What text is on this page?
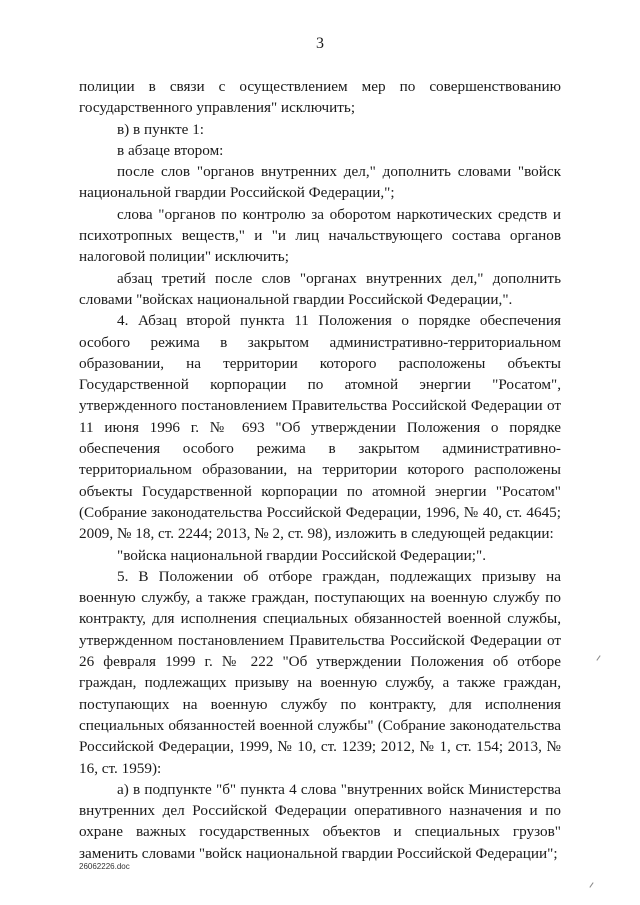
3

полиции в связи с осуществлением мер по совершенствованию государственного управления" исключить;

в) в пункте 1:

в абзаце втором:

после слов "органов внутренних дел," дополнить словами "войск национальной гвардии Российской Федерации,";

слова "органов по контролю за оборотом наркотических средств и психотропных веществ," и "и лиц начальствующего состава органов налоговой полиции" исключить;

абзац третий после слов "органах внутренних дел," дополнить словами "войсках национальной гвардии Российской Федерации,".

4. Абзац второй пункта 11 Положения о порядке обеспечения особого режима в закрытом административно-территориальном образовании, на территории которого расположены объекты Государственной корпорации по атомной энергии "Росатом", утвержденного постановлением Правительства Российской Федерации от 11 июня 1996 г. № 693 "Об утверждении Положения о порядке обеспечения особого режима в закрытом административно-территориальном образовании, на территории которого расположены объекты Государственной корпорации по атомной энергии "Росатом" (Собрание законодательства Российской Федерации, 1996, № 40, ст. 4645; 2009, № 18, ст. 2244; 2013, № 2, ст. 98), изложить в следующей редакции:

"войска национальной гвардии Российской Федерации;".

5. В Положении об отборе граждан, подлежащих призыву на военную службу, а также граждан, поступающих на военную службу по контракту, для исполнения специальных обязанностей военной службы, утвержденном постановлением Правительства Российской Федерации от 26 февраля 1999 г. № 222 "Об утверждении Положения об отборе граждан, подлежащих призыву на военную службу, а также граждан, поступающих на военную службу по контракту, для исполнения специальных обязанностей военной службы" (Собрание законодательства Российской Федерации, 1999, № 10, ст. 1239; 2012, № 1, ст. 154; 2013, № 16, ст. 1959):

а) в подпункте "б" пункта 4 слова "внутренних войск Министерства внутренних дел Российской Федерации оперативного назначения и по охране важных государственных объектов и специальных грузов" заменить словами "войск национальной гвардии Российской Федерации";

26062226.doc
